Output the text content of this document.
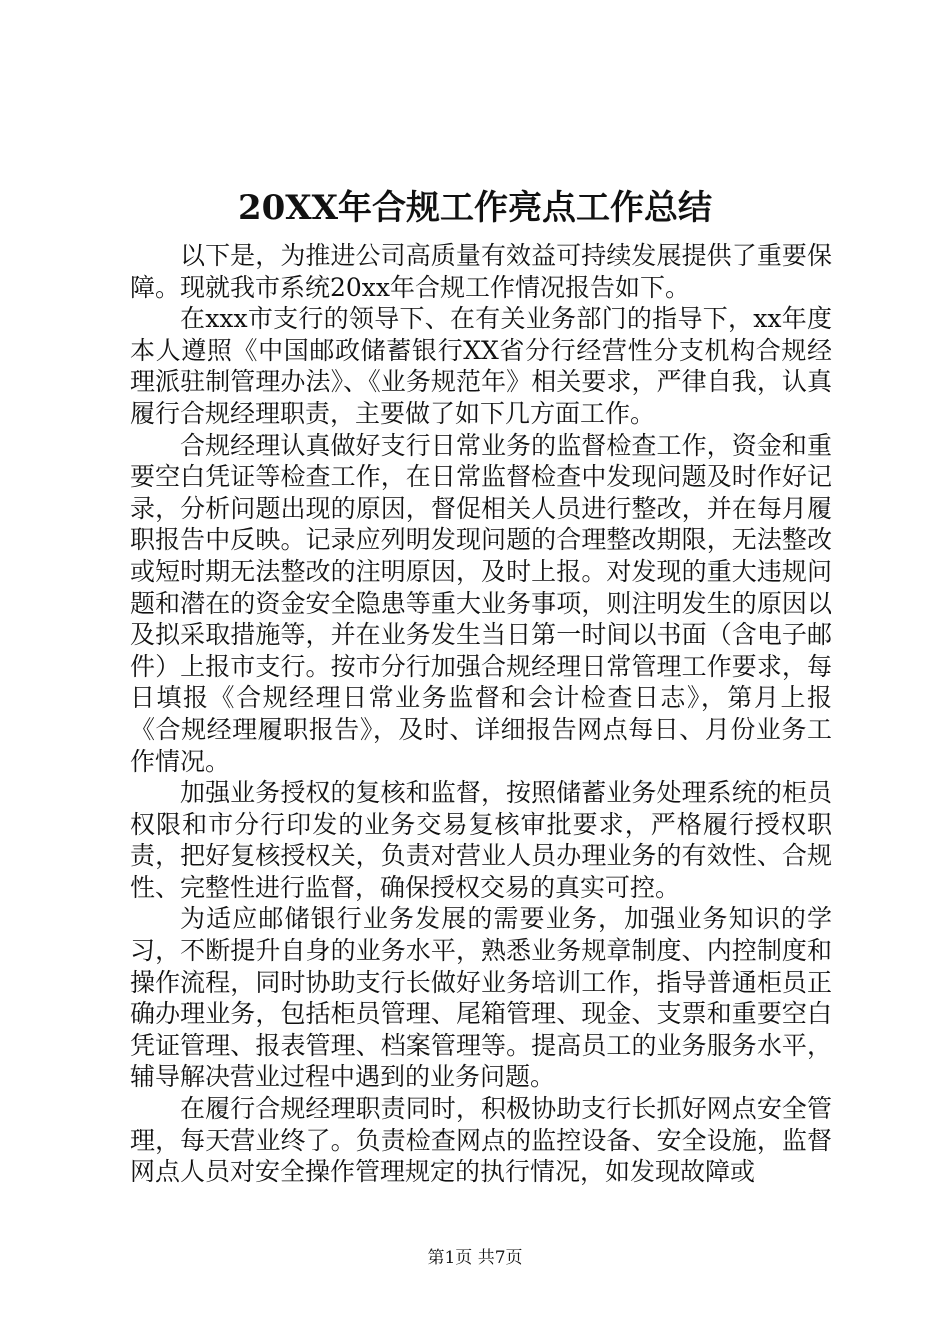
20XX年合规工作亮点工作总结

以下是，为推进公司高质量有效益可持续发展提供了重要保障。现就我市系统20xx年合规工作情况报告如下。

在xxx市支行的领导下、在有关业务部门的指导下，xx年度本人遵照《中国邮政储蓄银行XX省分行经营性分支机构合规经理派驻制管理办法》、《业务规范年》相关要求，严律自我，认真履行合规经理职责，主要做了如下几方面工作。

合规经理认真做好支行日常业务的监督检查工作，资金和重要空白凭证等检查工作，在日常监督检查中发现问题及时作好记录，分析问题出现的原因，督促相关人员进行整改，并在每月履职报告中反映。记录应列明发现问题的合理整改期限，无法整改或短时期无法整改的注明原因，及时上报。对发现的重大违规问题和潜在的资金安全隐患等重大业务事项，则注明发生的原因以及拟采取措施等，并在业务发生当日第一时间以书面（含电子邮件）上报市支行。按市分行加强合规经理日常管理工作要求，每日填报《合规经理日常业务监督和会计检查日志》，第月上报《合规经理履职报告》，及时、详细报告网点每日、月份业务工作情况。

加强业务授权的复核和监督，按照储蓄业务处理系统的柜员权限和市分行印发的业务交易复核审批要求，严格履行授权职责，把好复核授权关，负责对营业人员办理业务的有效性、合规性、完整性进行监督，确保授权交易的真实可控。

为适应邮储银行业务发展的需要业务，加强业务知识的学习，不断提升自身的业务水平，熟悉业务规章制度、内控制度和操作流程，同时协助支行长做好业务培训工作，指导普通柜员正确办理业务，包括柜员管理、尾箱管理、现金、支票和重要空白凭证管理、报表管理、档案管理等。提高员工的业务服务水平，辅导解决营业过程中遇到的业务问题。

在履行合规经理职责同时，积极协助支行长抓好网点安全管理，每天营业终了。负责检查网点的监控设备、安全设施，监督网点人员对安全操作管理规定的执行情况，如发现故障或

第1页 共7页
